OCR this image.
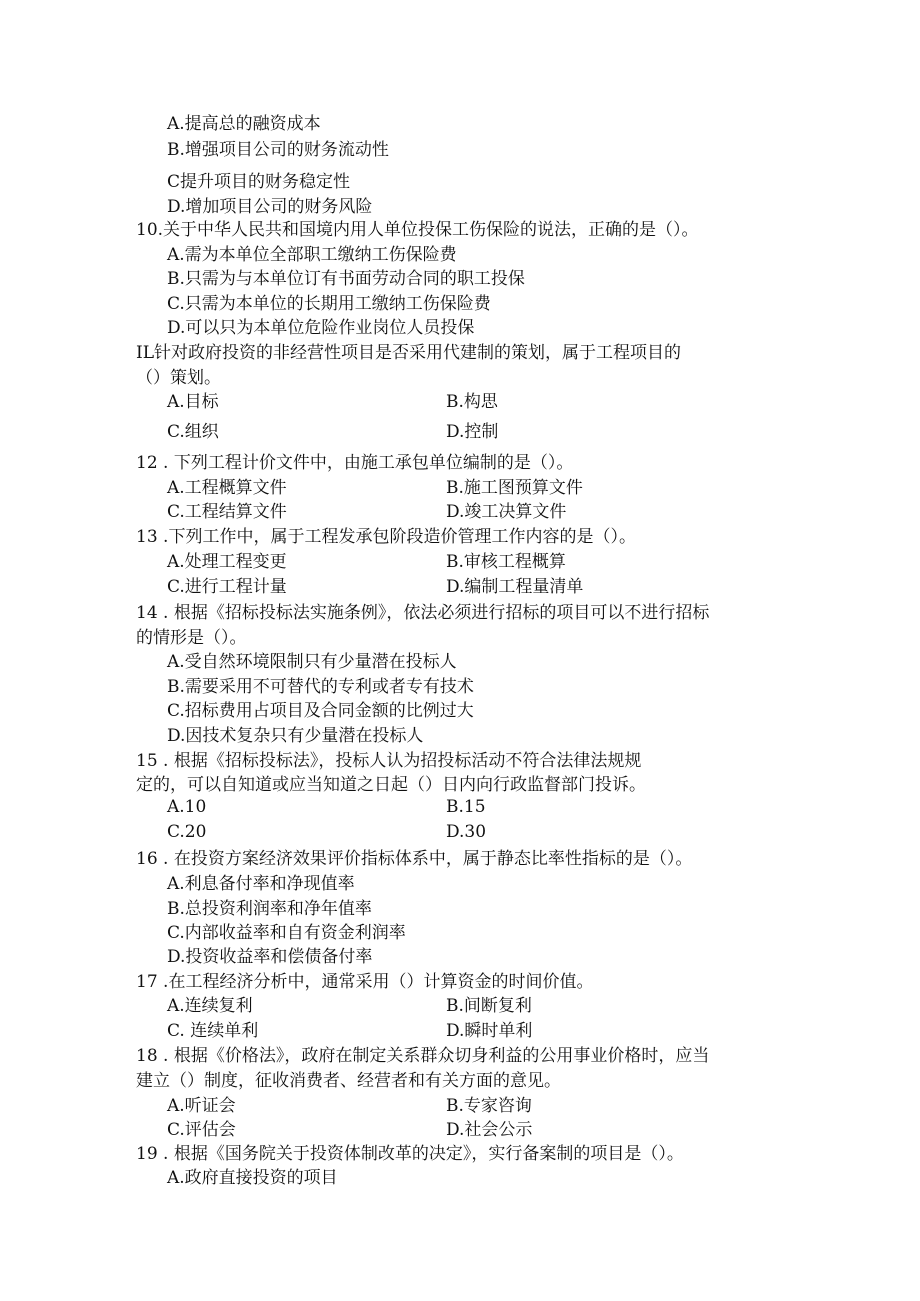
A.提高总的融资成本
B.增强项目公司的财务流动性
C提升项目的财务稳定性
D.增加项目公司的财务风险
10.关于中华人民共和国境内用人单位投保工伤保险的说法，正确的是（）。
A.需为本单位全部职工缴纳工伤保险费
B.只需为与本单位订有书面劳动合同的职工投保
C.只需为本单位的长期用工缴纳工伤保险费
D.可以只为本单位危险作业岗位人员投保
IL针对政府投资的非经营性项目是否采用代建制的策划，属于工程项目的
（）策划。
A.目标	B.构思
C.组织	D.控制
12 . 下列工程计价文件中，由施工承包单位编制的是（）。
A.工程概算文件	B.施工图预算文件
C.工程结算文件	D.竣工决算文件
13 .下列工作中，属于工程发承包阶段造价管理工作内容的是（）。
A.处理工程变更	B.审核工程概算
C.进行工程计量	D.编制工程量清单
14 . 根据《招标投标法实施条例》，依法必须进行招标的项目可以不进行招标
的情形是（）。
A.受自然环境限制只有少量潜在投标人
B.需要采用不可替代的专利或者专有技术
C.招标费用占项目及合同金额的比例过大
D.因技术复杂只有少量潜在投标人
15 . 根据《招标投标法》，投标人认为招投标活动不符合法律法规规
定的，可以自知道或应当知道之日起（）日内向行政监督部门投诉。
A.10	B.15
C.20	D.30
16 . 在投资方案经济效果评价指标体系中，属于静态比率性指标的是（）。
A.利息备付率和净现值率
B.总投资利润率和净年值率
C.内部收益率和自有资金利润率
D.投资收益率和偿债备付率
17 .在工程经济分析中，通常采用（）计算资金的时间价值。
A.连续复利	B.间断复利
C. 连续单利	D.瞬时单利
18 . 根据《价格法》，政府在制定关系群众切身利益的公用事业价格时，应当
建立（）制度，征收消费者、经营者和有关方面的意见。
A.听证会	B.专家咨询
C.评估会	D.社会公示
19 . 根据《国务院关于投资体制改革的决定》，实行备案制的项目是（）。
A.政府直接投资的项目
